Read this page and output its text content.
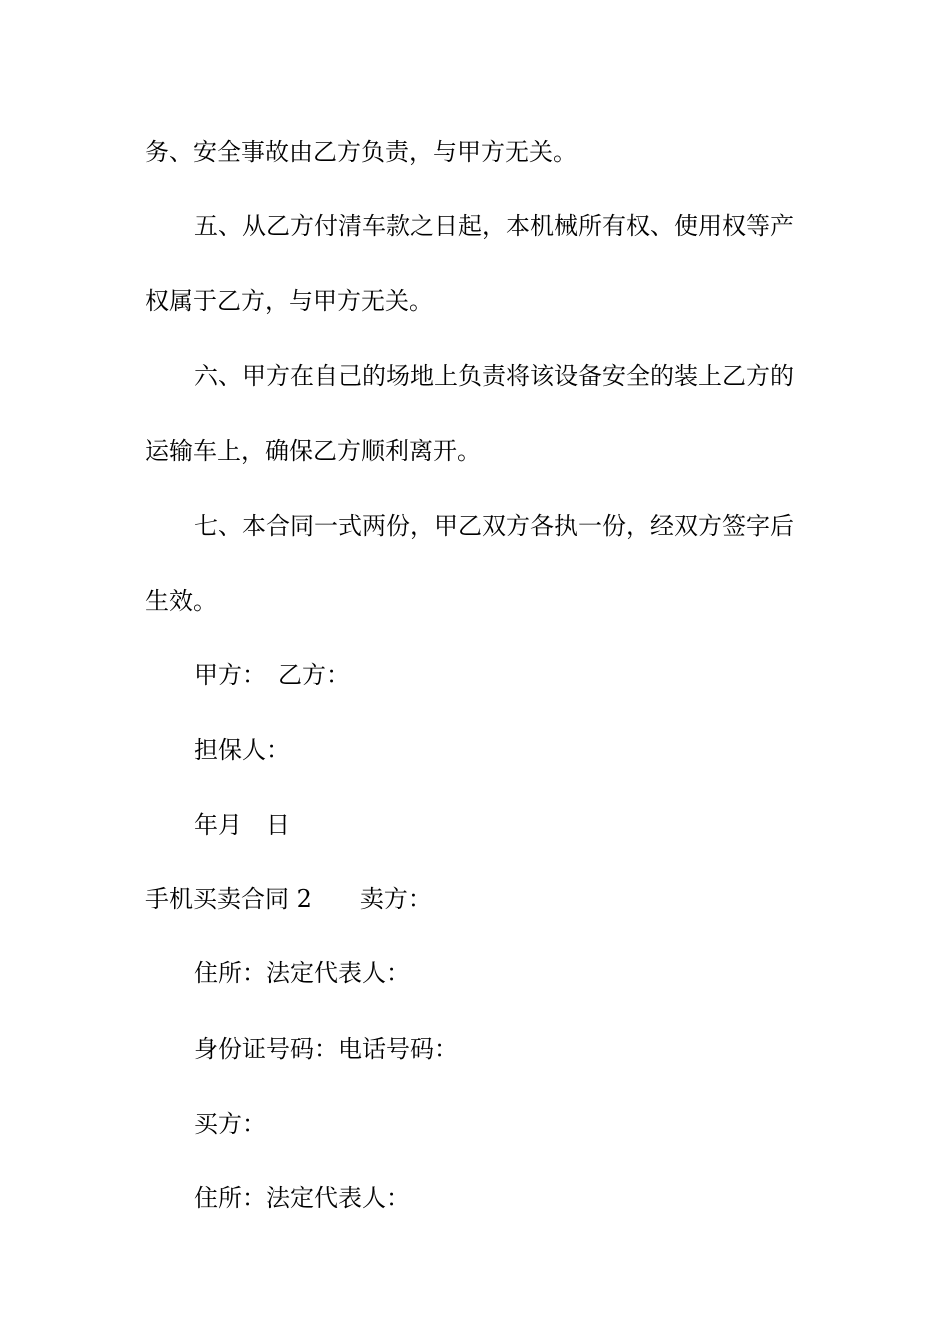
务、安全事故由乙方负责，与甲方无关。
五、从乙方付清车款之日起，本机械所有权、使用权等产
权属于乙方，与甲方无关。
六、甲方在自己的场地上负责将该设备安全的装上乙方的
运输车上，确保乙方顺利离开。
七、本合同一式两份，甲乙双方各执一份，经双方签字后
生效。
甲方：　乙方：
担保人：
年月　日
手机买卖合同 2 卖方：
住所：法定代表人：
身份证号码：电话号码：
买方：
住所：法定代表人：
